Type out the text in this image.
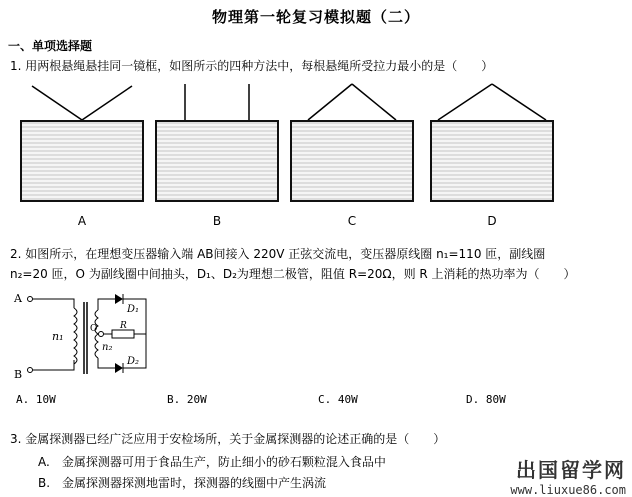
物理第一轮复习模拟题（二）
一、单项选择题
1. 用两根悬绳悬挂同一镜框，如图所示的四种方法中，每根悬绳所受拉力最小的是（　　）
A	B	C	D
2. 如图所示，在理想变压器输入端 AB间接入 220V 正弦交流电，变压器原线圈 n₁=110 匝，副线圈
n₂=20 匝，O 为副线圈中间抽头，D₁、D₂为理想二极管，阻值 R=20Ω，则 R 上消耗的热功率为（　　）
A
B
n₁
D₁
D₂
O	R
n₂
A. 10W	B. 20W	C. 40W	D. 80W
3. 金属探测器已经广泛应用于安检场所，关于金属探测器的论述正确的是（　　）
A.　金属探测器可用于食品生产，防止细小的砂石颗粒混入食品中
B.　金属探测器探测地雷时，探测器的线圈中产生涡流
出国留学网
www.liuxue86.com
